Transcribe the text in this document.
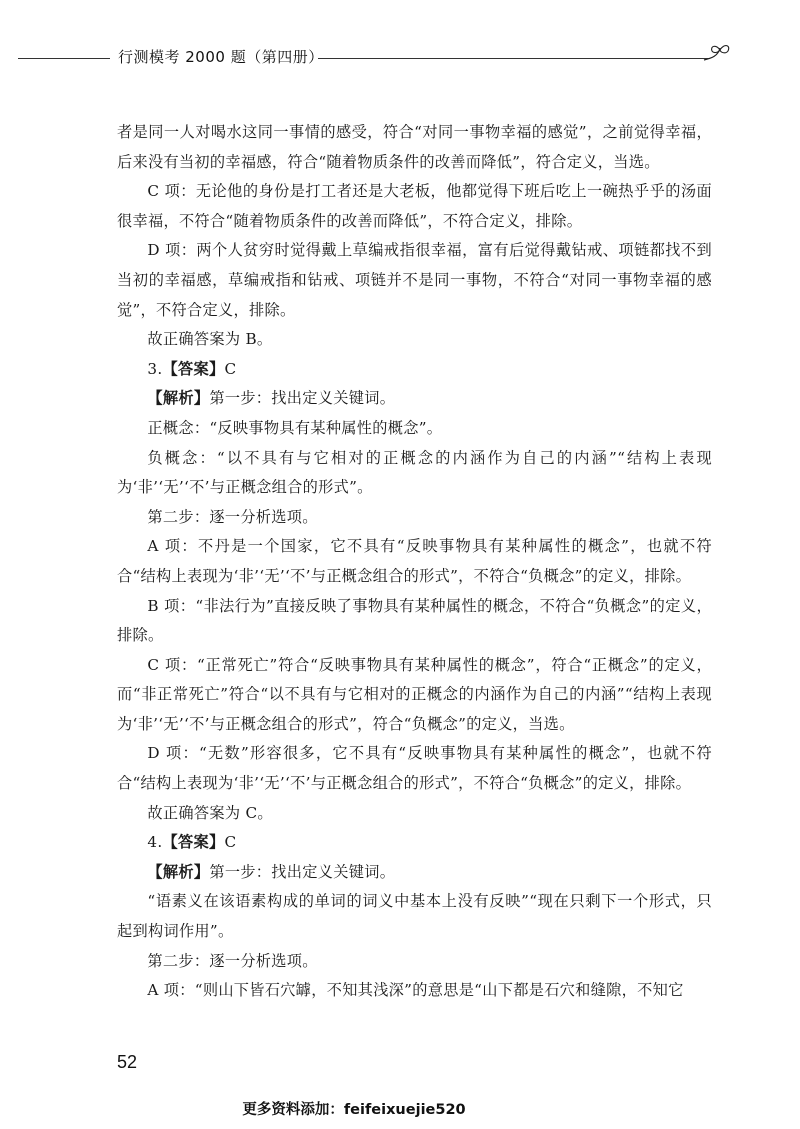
行测模考 2000 题（第四册）

者是同一人对喝水这同一事情的感受，符合“对同一事物幸福的感觉”，之前觉得幸福，后来没有当初的幸福感，符合“随着物质条件的改善而降低”，符合定义，当选。

C 项：无论他的身份是打工者还是大老板，他都觉得下班后吃上一碗热乎乎的汤面很幸福，不符合“随着物质条件的改善而降低”，不符合定义，排除。

D 项：两个人贫穷时觉得戴上草编戒指很幸福，富有后觉得戴钻戒、项链都找不到当初的幸福感，草编戒指和钻戒、项链并不是同一事物，不符合“对同一事物幸福的感觉”，不符合定义，排除。

故正确答案为 B。

3.【答案】C

【解析】第一步：找出定义关键词。

正概念：“反映事物具有某种属性的概念”。

负概念：“以不具有与它相对的正概念的内涵作为自己的内涵”“结构上表现为‘非’‘无’‘不’与正概念组合的形式”。

第二步：逐一分析选项。

A 项：不丹是一个国家，它不具有“反映事物具有某种属性的概念”，也就不符合“结构上表现为‘非’‘无’‘不’与正概念组合的形式”，不符合“负概念”的定义，排除。

B 项：“非法行为”直接反映了事物具有某种属性的概念，不符合“负概念”的定义，排除。

C 项：“正常死亡”符合“反映事物具有某种属性的概念”，符合“正概念”的定义，而“非正常死亡”符合“以不具有与它相对的正概念的内涵作为自己的内涵”“结构上表现为‘非’‘无’‘不’与正概念组合的形式”，符合“负概念”的定义，当选。

D 项：“无数”形容很多，它不具有“反映事物具有某种属性的概念”，也就不符合“结构上表现为‘非’‘无’‘不’与正概念组合的形式”，不符合“负概念”的定义，排除。

故正确答案为 C。

4.【答案】C

【解析】第一步：找出定义关键词。

“语素义在该语素构成的单词的词义中基本上没有反映”“现在只剩下一个形式，只起到构词作用”。

第二步：逐一分析选项。

A 项：“则山下皆石穴罅，不知其浅深”的意思是“山下都是石穴和缝隙，不知它

52
更多资料添加：feifeixuejie520
